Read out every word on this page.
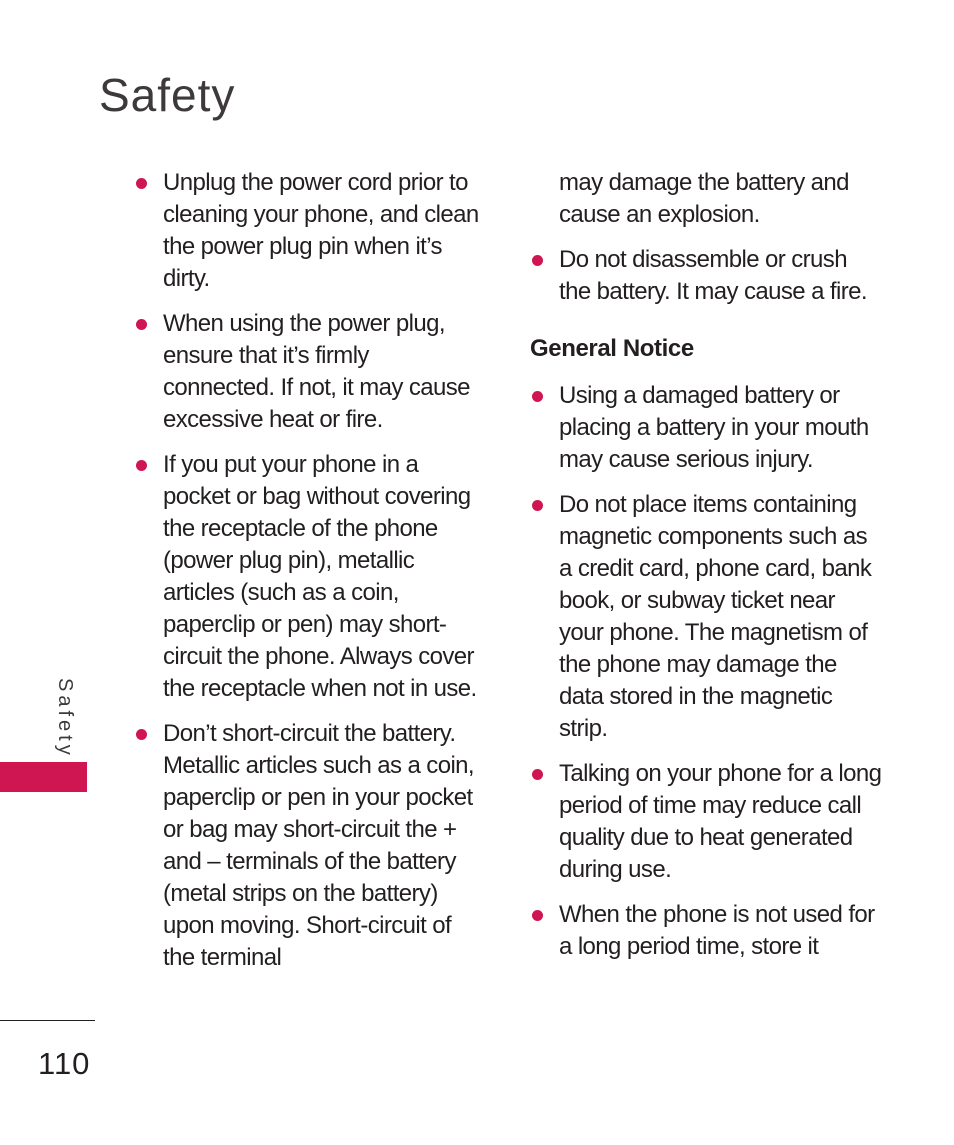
Safety
Unplug the power cord prior to cleaning your phone, and clean the power plug pin when it’s dirty.
When using the power plug, ensure that it’s firmly connected. If not, it may cause excessive heat or fire.
If you put your phone in a pocket or bag without covering the receptacle of the phone (power plug pin), metallic articles (such as a coin, paperclip or pen) may short-circuit the phone. Always cover the receptacle when not in use.
Don’t short-circuit the battery. Metallic articles such as a coin, paperclip or pen in your pocket or bag may short-circuit the + and – terminals of the battery (metal strips on the battery) upon moving. Short-circuit of the terminal

may damage the battery and cause an explosion.

Do not disassemble or crush the battery. It may cause a fire.
General Notice
Using a damaged battery or placing a battery in your mouth may cause serious injury.
Do not place items containing magnetic components such as a credit card, phone card, bank book, or subway ticket near your phone. The magnetism of the phone may damage the data stored in the magnetic strip.
Talking on your phone for a long period of time may reduce call quality due to heat generated during use.
When the phone is not used for a long period time, store it
Safety
110
